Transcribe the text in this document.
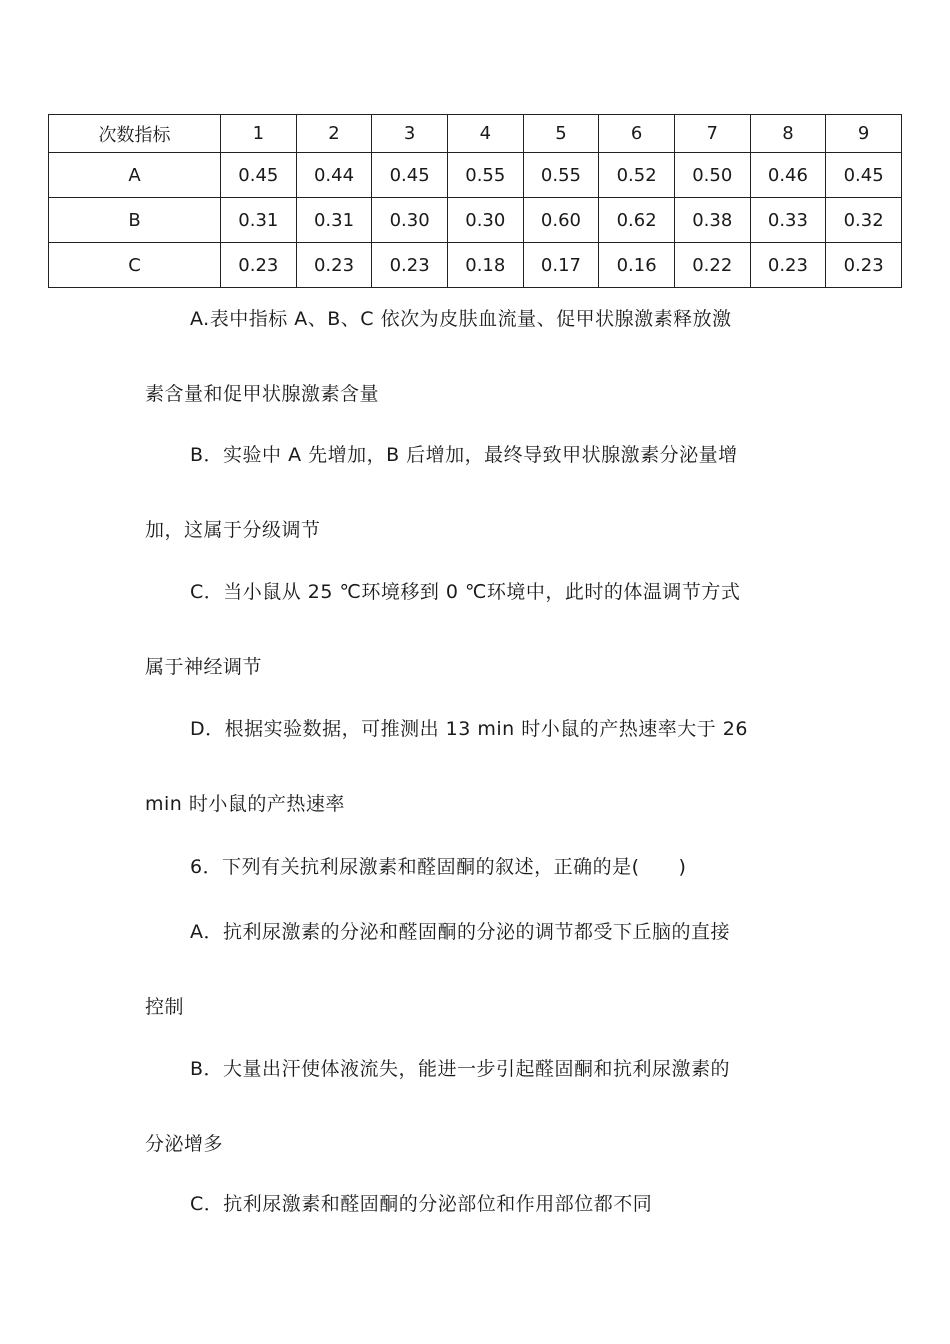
次数指标	1	2	3	4	5	6	7	8	9
A	0.45	0.44	0.45	0.55	0.55	0.52	0.50	0.46	0.45
B	0.31	0.31	0.30	0.30	0.60	0.62	0.38	0.33	0.32
C	0.23	0.23	0.23	0.18	0.17	0.16	0.22	0.23	0.23
A.表中指标 A、B、C 依次为皮肤血流量、促甲状腺激素释放激
素含量和促甲状腺激素含量
B．实验中 A 先增加，B 后增加，最终导致甲状腺激素分泌量增
加，这属于分级调节
C．当小鼠从 25 ℃环境移到 0 ℃环境中，此时的体温调节方式
属于神经调节
D．根据实验数据，可推测出 13 min 时小鼠的产热速率大于 26
min 时小鼠的产热速率
6．下列有关抗利尿激素和醛固酮的叙述，正确的是(　　)
A．抗利尿激素的分泌和醛固酮的分泌的调节都受下丘脑的直接
控制
B．大量出汗使体液流失，能进一步引起醛固酮和抗利尿激素的
分泌增多
C．抗利尿激素和醛固酮的分泌部位和作用部位都不同
